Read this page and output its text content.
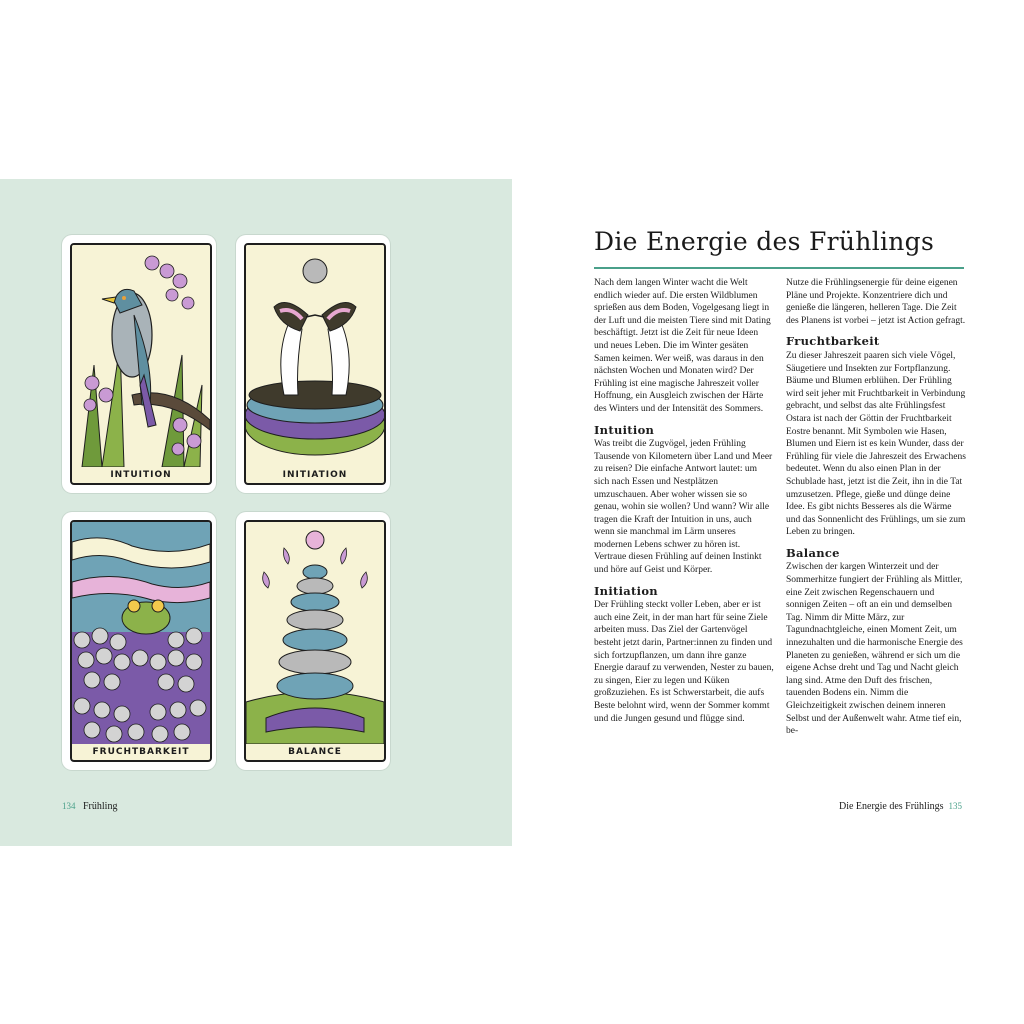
INTUITION	INITIATION
FRUCHTBARKEIT	BALANCE
134 Frühling
Die Energie des Frühlings

Nach dem langen Winter wacht die Welt endlich wieder auf. Die ersten Wildblumen sprießen aus dem Boden, Vogelgesang liegt in der Luft und die meisten Tiere sind mit Dating beschäftigt. Jetzt ist die Zeit für neue Ideen und neues Leben. Die im Winter gesäten Samen keimen. Wer weiß, was daraus in den nächsten Wochen und Monaten wird? Der Frühling ist eine magische Jahreszeit voller Hoffnung, ein Ausgleich zwischen der Härte des Winters und der Intensität des Sommers.

Intuition

Was treibt die Zugvögel, jeden Frühling Tausende von Kilometern über Land und Meer zu reisen? Die einfache Antwort lautet: um sich nach Essen und Nestplätzen umzuschauen. Aber woher wissen sie so genau, wohin sie wollen? Und wann? Wir alle tragen die Kraft der Intuition in uns, auch wenn sie manchmal im Lärm unseres modernen Lebens schwer zu hören ist. Vertraue diesen Frühling auf deinen Instinkt und höre auf Geist und Körper.

Initiation

Der Frühling steckt voller Leben, aber er ist auch eine Zeit, in der man hart für seine Ziele arbeiten muss. Das Ziel der Gartenvögel besteht jetzt darin, Partner:innen zu finden und sich fortzupflanzen, um dann ihre ganze Energie darauf zu verwenden, Nester zu bauen, zu singen, Eier zu legen und Küken großzuziehen. Es ist Schwerstarbeit, die aufs Beste belohnt wird, wenn der Sommer kommt und die Jungen gesund und flügge sind.

Nutze die Frühlingsenergie für deine eigenen Pläne und Projekte. Konzentriere dich und genieße die längeren, helleren Tage. Die Zeit des Planens ist vorbei – jetzt ist Action gefragt.

Fruchtbarkeit

Zu dieser Jahreszeit paaren sich viele Vögel, Säugetiere und Insekten zur Fortpflanzung. Bäume und Blumen erblühen. Der Frühling wird seit jeher mit Fruchtbarkeit in Verbindung gebracht, und selbst das alte Frühlingsfest Ostara ist nach der Göttin der Fruchtbarkeit Eostre benannt. Mit Symbolen wie Hasen, Blumen und Eiern ist es kein Wunder, dass der Frühling für viele die Jahreszeit des Erwachens bedeutet. Wenn du also einen Plan in der Schublade hast, jetzt ist die Zeit, ihn in die Tat umzusetzen. Pflege, gieße und dünge deine Idee. Es gibt nichts Besseres als die Wärme und das Sonnenlicht des Frühlings, um sie zum Leben zu bringen.

Balance

Zwischen der kargen Winterzeit und der Sommerhitze fungiert der Frühling als Mittler, eine Zeit zwischen Regenschauern und sonnigen Zeiten – oft an ein und demselben Tag. Nimm dir Mitte März, zur Tagundnachtgleiche, einen Moment Zeit, um innezuhalten und die harmonische Energie des Planeten zu genießen, während er sich um die eigene Achse dreht und Tag und Nacht gleich lang sind. Atme den Duft des frischen, tauenden Bodens ein. Nimm die Gleichzeitigkeit zwischen deinem inneren Selbst und der Außenwelt wahr. Atme tief ein, be-

Die Energie des Frühlings 135
